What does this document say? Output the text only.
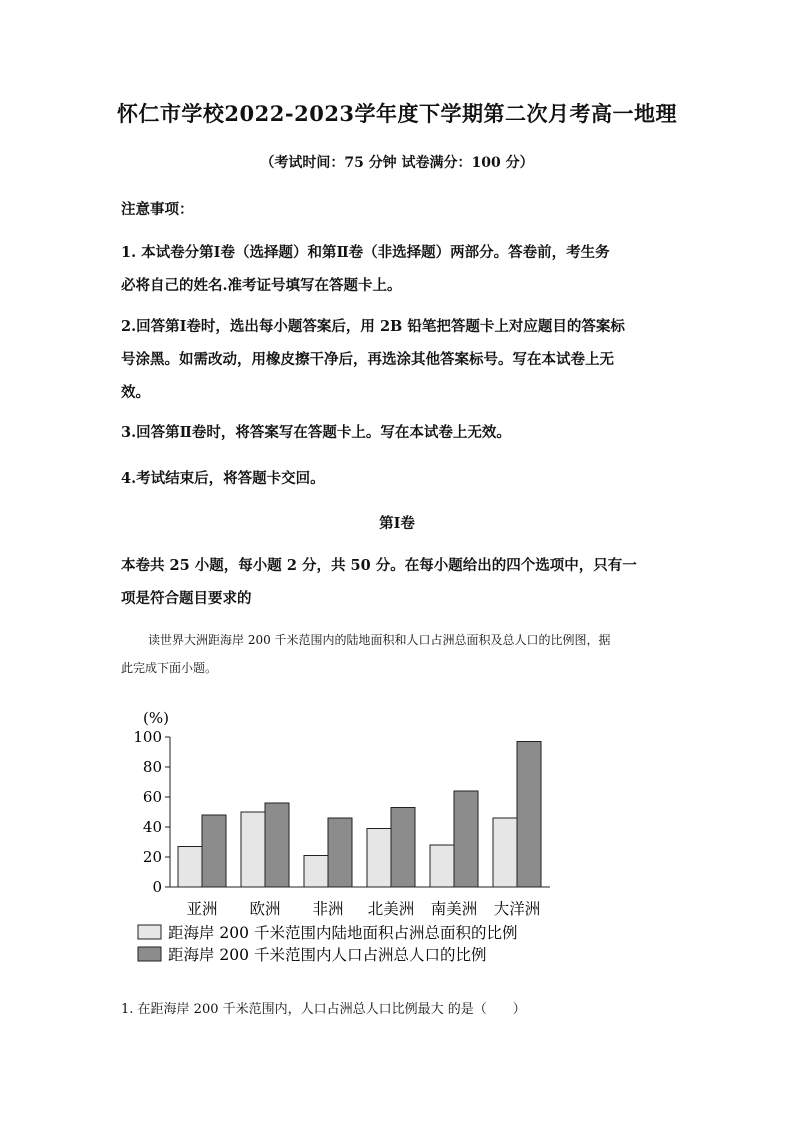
怀仁市学校2022-2023学年度下学期第二次月考高一地理
（考试时间：75 分钟 试卷满分：100 分）
注意事项：
1. 本试卷分第Ⅰ卷（选择题）和第Ⅱ卷（非选择题）两部分。答卷前，考生务
必将自己的姓名.准考证号填写在答题卡上。
2.回答第Ⅰ卷时，选出每小题答案后，用 2B 铅笔把答题卡上对应题目的答案标
号涂黑。如需改动，用橡皮擦干净后，再选涂其他答案标号。写在本试卷上无
效。
3.回答第Ⅱ卷时，将答案写在答题卡上。写在本试卷上无效。
4.考试结束后，将答题卡交回。
第Ⅰ卷
本卷共 25 小题，每小题 2 分，共 50 分。在每小题给出的四个选项中，只有一
项是符合题目要求的
读世界大洲距海岸 200 千米范围内的陆地面积和人口占洲总面积及总人口的比例图，据
此完成下面小题。
(%)
0
20
40
60
80
100
亚洲 欧洲 非洲 北美洲 南美洲 大洋洲
距海岸 200 千米范围内陆地面积占洲总面积的比例
距海岸 200 千米范围内人口占洲总人口的比例
1. 在距海岸 200 千米范围内，人口占洲总人口比例最大 的是（　　）
